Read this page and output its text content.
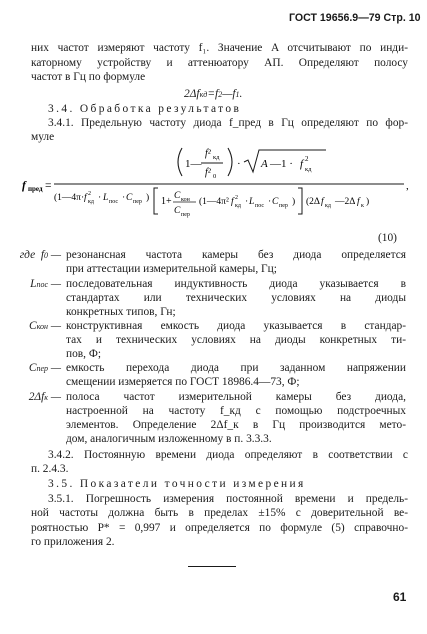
ГОСТ 19656.9—79 Стр. 10
них частот измеряют частоту f₁. Значение A отсчитывают по инди-
каторному устройству и аттенюатору АП. Определяют полосу
частот в Гц по формуле
2Δfкд=f2—f1.
3.4. Обработка результатов
3.4.1. Предельную частоту диода f_пред в Гц определяют по фор-
муле
1—
f² кд
f² 0
· A —1 · f 2
кд
f пред =	,
(1—4π· f 2
кд · L пос · C пер ) 1+ C кон
C пер
(1—4π² f 2
кд · L пос · C пер ) (2Δ f кд —2Δ f к )
(10)
где  f0 — резонансная частота камеры без диода определяется
при аттестации измерительной камеры, Гц;
Lпос — последовательная индуктивность диода указывается в
стандартах или технических условиях на диоды
конкретных типов, Гн;
Cкон — конструктивная емкость диода указывается в стандар-
тах и технических условиях на диоды конкретных ти-
пов, Ф;
Cпер — емкость перехода диода при заданном напряжении
смещении измеряется по ГОСТ 18986.4—73, Ф;
2Δfк — полоса частот измерительной камеры без диода,
настроенной на частоту f_кд с помощью подстроечных
элементов. Определение 2Δf_к в Гц производится мето-
дом, аналогичным изложенному в п. 3.3.3.
3.4.2. Постоянную времени диода определяют в соответствии с
п. 2.4.3.
3.5. Показатели точности измерения
3.5.1. Погрешность измерения постоянной времени и предель-
ной частоты должна быть в пределах ±15% с доверительной ве-
роятностью P* = 0,997 и определяется по формуле (5) справочно-
го приложения 2.
61
